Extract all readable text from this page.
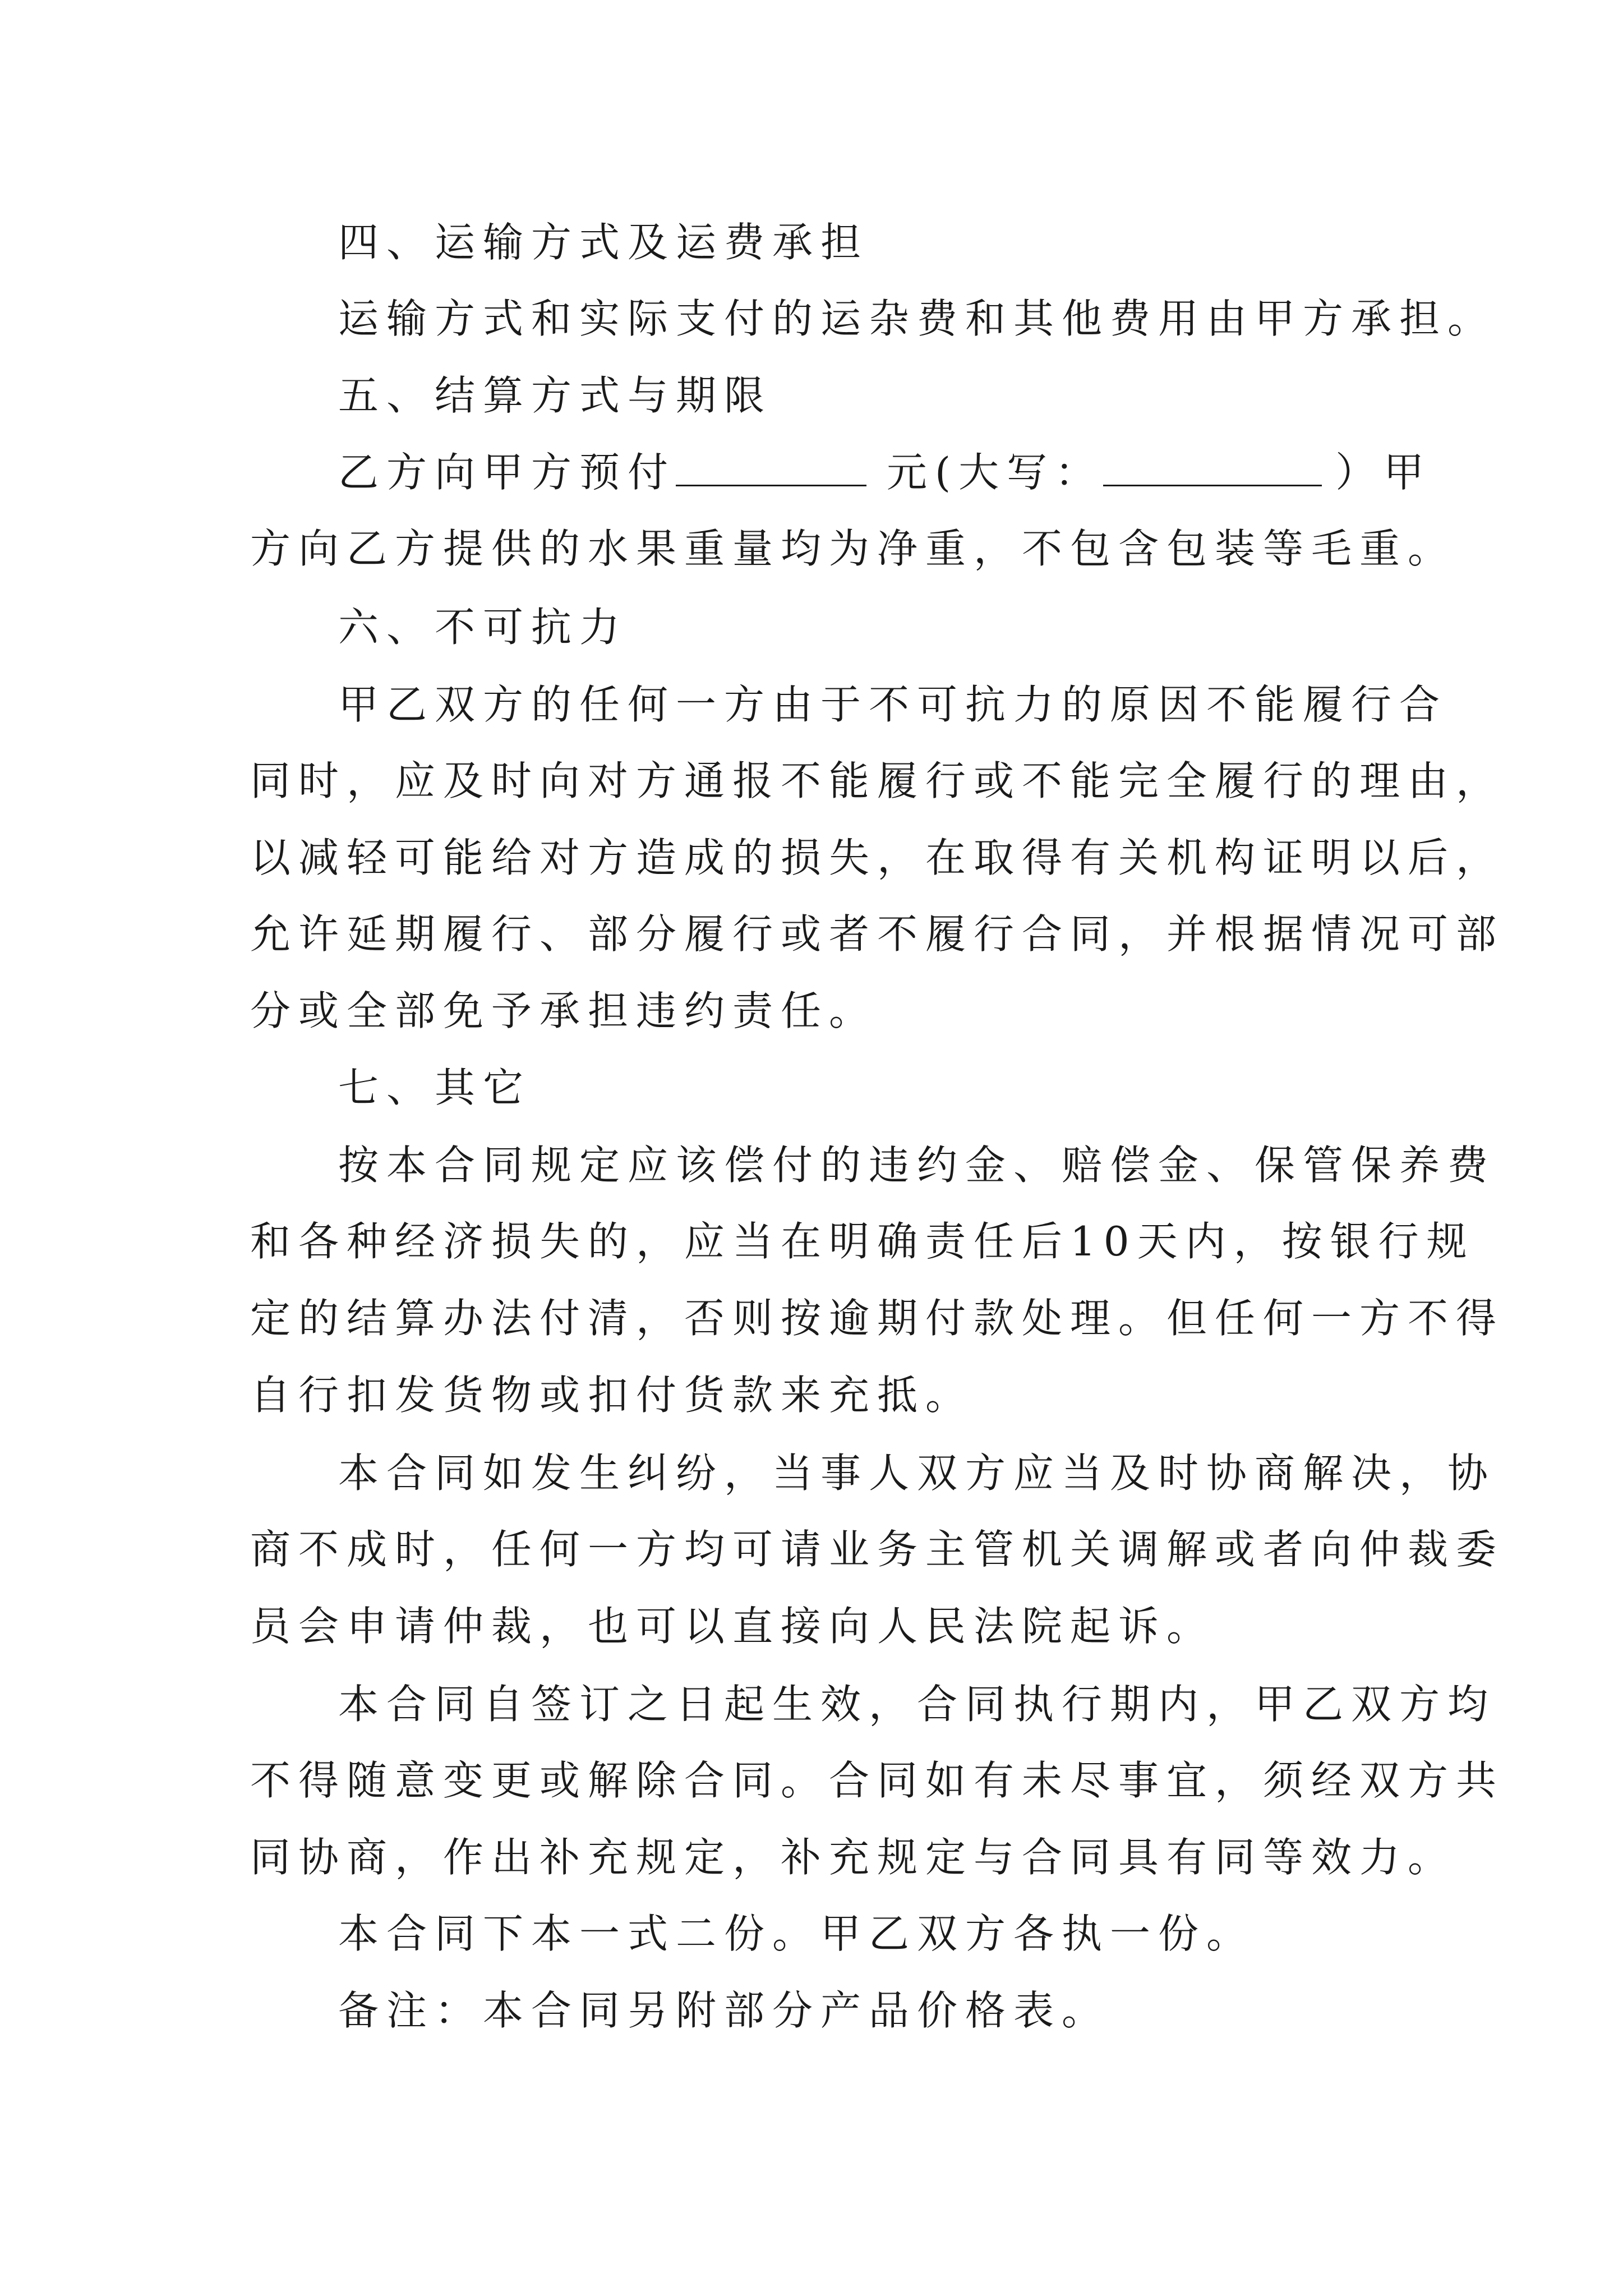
四、运输方式及运费承担
运输方式和实际支付的运杂费和其他费用由甲方承担。
五、结算方式与期限
乙方向甲方预付	元(大写：	）甲
方向乙方提供的水果重量均为净重，不包含包装等毛重。
六、不可抗力
甲乙双方的任何一方由于不可抗力的原因不能履行合
同时，应及时向对方通报不能履行或不能完全履行的理由，
以减轻可能给对方造成的损失，在取得有关机构证明以后，
允许延期履行、部分履行或者不履行合同，并根据情况可部
分或全部免予承担违约责任。
七、其它
按本合同规定应该偿付的违约金、赔偿金、保管保养费
和各种经济损失的，应当在明确责任后10天内，按银行规
定的结算办法付清，否则按逾期付款处理。但任何一方不得
自行扣发货物或扣付货款来充抵。
本合同如发生纠纷，当事人双方应当及时协商解决，协
商不成时，任何一方均可请业务主管机关调解或者向仲裁委
员会申请仲裁，也可以直接向人民法院起诉。
本合同自签订之日起生效，合同执行期内，甲乙双方均
不得随意变更或解除合同。合同如有未尽事宜，须经双方共
同协商，作出补充规定，补充规定与合同具有同等效力。
本合同下本一式二份。甲乙双方各执一份。
备注：本合同另附部分产品价格表。
